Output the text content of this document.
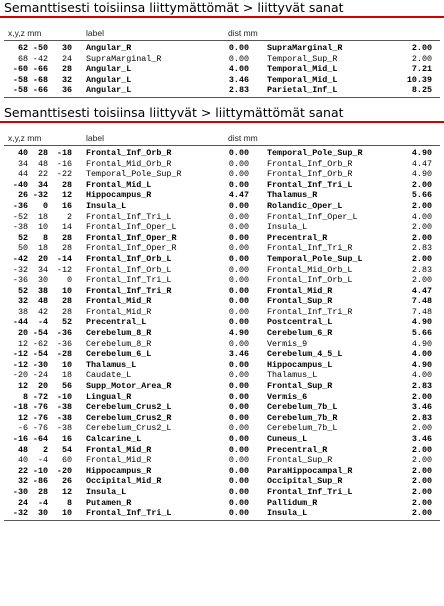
Semanttisesti toisiinsa liittymättömät > liittyvät sanat
x,y,z mm	label	dist mm
62 -50	30 Angular_R	0.00 SupraMarginal_R	2.00
68 -42	24 SupraMarginal_R	0.00 Temporal_Sup_R	2.00
-60 -66	28 Angular_L	4.00 Temporal_Mid_L	7.21
-58 -68	32 Angular_L	3.46 Temporal_Mid_L	10.39
-58 -66	36 Angular_L	2.83 Parietal_Inf_L	8.25
Semanttisesti toisiinsa liittyvät > liittymättömät sanat
x,y,z mm	label	dist mm
40	28	-18 Frontal_Inf_Orb_R	0.00 Temporal_Pole_Sup_R	4.90
34	48	-16 Frontal_Mid_Orb_R	0.00 Frontal_Inf_Orb_R	4.47
44	22	-22 Temporal_Pole_Sup_R	0.00 Frontal_Inf_Orb_R	4.90
-40	34	28 Frontal_Mid_L	0.00 Frontal_Inf_Tri_L	2.00
26 -32	12 Hippocampus_R	4.47 Thalamus_R	5.66
-36	0	16 Insula_L	0.00 Rolandic_Oper_L	2.00
-52	18	2 Frontal_Inf_Tri_L	0.00 Frontal_Inf_Oper_L	4.00
-38	10	14 Frontal_Inf_Oper_L	0.00 Insula_L	2.00
52	8	28 Frontal_Inf_Oper_R	0.00 Precentral_R	2.00
50	18	28 Frontal_Inf_Oper_R	0.00 Frontal_Inf_Tri_R	2.83
-42	20	-14 Frontal_Inf_Orb_L	0.00 Temporal_Pole_Sup_L	2.00
-32	34	-12 Frontal_Inf_Orb_L	0.00 Frontal_Mid_Orb_L	2.83
-36	30	0 Frontal_Inf_Tri_L	0.00 Frontal_Inf_Orb_L	2.00
52	38	10 Frontal_Inf_Tri_R	0.00 Frontal_Mid_R	4.47
32	48	28 Frontal_Mid_R	0.00 Frontal_Sup_R	7.48
38	42	28 Frontal_Mid_R	0.00 Frontal_Inf_Tri_R	7.48
-44	-4	52 Precentral_L	0.00 Postcentral_L	4.90
20 -54	-36 Cerebelum_8_R	4.90 Cerebelum_6_R	5.66
12 -62	-36 Cerebelum_8_R	0.00 Vermis_9	4.90
-12 -54	-28 Cerebelum_6_L	3.46 Cerebelum_4_5_L	4.00
-12 -30	10 Thalamus_L	0.00 Hippocampus_L	4.90
-20 -24	18 Caudate_L	0.00 Thalamus_L	4.00
12	20	56 Supp_Motor_Area_R	0.00 Frontal_Sup_R	2.83
8 -72	-10 Lingual_R	0.00 Vermis_6	2.00
-18 -76	-38 Cerebelum_Crus2_L	0.00 Cerebelum_7b_L	3.46
12 -76	-38 Cerebelum_Crus2_R	0.00 Cerebelum_7b_R	2.83
-6 -76	-38 Cerebelum_Crus2_L	0.00 Cerebelum_7b_L	2.00
-16 -64	16 Calcarine_L	0.00 Cuneus_L	3.46
48	2	54 Frontal_Mid_R	0.00 Precentral_R	2.00
40	-4	60 Frontal_Mid_R	0.00 Frontal_Sup_R	2.00
22 -10	-20 Hippocampus_R	0.00 ParaHippocampal_R	2.00
32 -86	26 Occipital_Mid_R	0.00 Occipital_Sup_R	2.00
-30	28	12 Insula_L	0.00 Frontal_Inf_Tri_L	2.00
24	-4	8 Putamen_R	0.00 Pallidum_R	2.00
-32	30	10 Frontal_Inf_Tri_L	0.00 Insula_L	2.00
